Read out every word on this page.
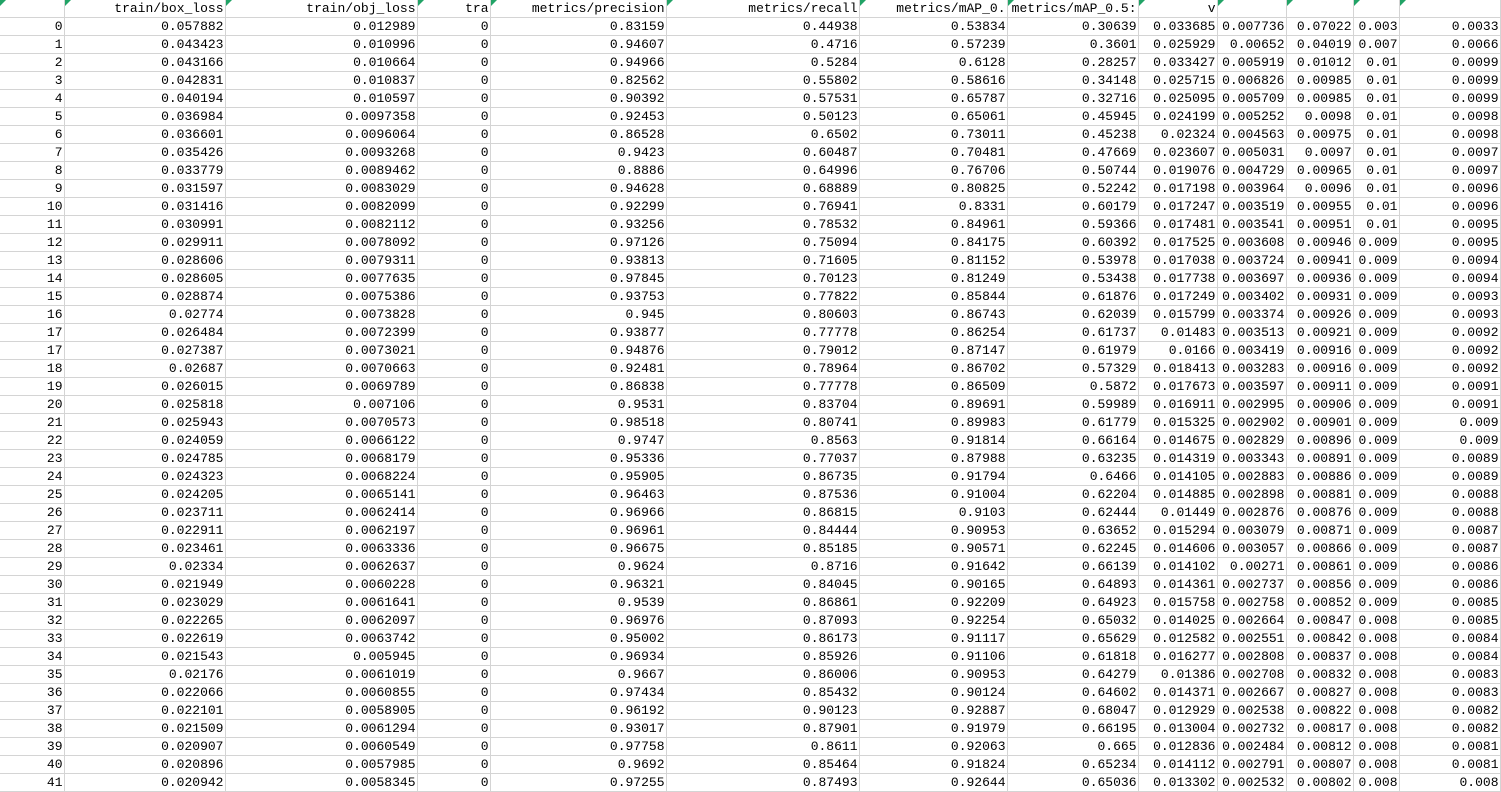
	train/box_loss	train/obj_loss	tra	metrics/precision	metrics/recall	metrics/mAP_0.	metrics/mAP_0.5:	v				
0	0.057882	0.012989	0	0.83159	0.44938	0.53834	0.30639	0.033685	0.007736	0.07022	0.003	0.0033
1	0.043423	0.010996	0	0.94607	0.4716	0.57239	0.3601	0.025929	0.00652	0.04019	0.007	0.0066
2	0.043166	0.010664	0	0.94966	0.5284	0.6128	0.28257	0.033427	0.005919	0.01012	0.01	0.0099
3	0.042831	0.010837	0	0.82562	0.55802	0.58616	0.34148	0.025715	0.006826	0.00985	0.01	0.0099
4	0.040194	0.010597	0	0.90392	0.57531	0.65787	0.32716	0.025095	0.005709	0.00985	0.01	0.0099
5	0.036984	0.0097358	0	0.92453	0.50123	0.65061	0.45945	0.024199	0.005252	0.0098	0.01	0.0098
6	0.036601	0.0096064	0	0.86528	0.6502	0.73011	0.45238	0.02324	0.004563	0.00975	0.01	0.0098
7	0.035426	0.0093268	0	0.9423	0.60487	0.70481	0.47669	0.023607	0.005031	0.0097	0.01	0.0097
8	0.033779	0.0089462	0	0.8886	0.64996	0.76706	0.50744	0.019076	0.004729	0.00965	0.01	0.0097
9	0.031597	0.0083029	0	0.94628	0.68889	0.80825	0.52242	0.017198	0.003964	0.0096	0.01	0.0096
10	0.031416	0.0082099	0	0.92299	0.76941	0.8331	0.60179	0.017247	0.003519	0.00955	0.01	0.0096
11	0.030991	0.0082112	0	0.93256	0.78532	0.84961	0.59366	0.017481	0.003541	0.00951	0.01	0.0095
12	0.029911	0.0078092	0	0.97126	0.75094	0.84175	0.60392	0.017525	0.003608	0.00946	0.009	0.0095
13	0.028606	0.0079311	0	0.93813	0.71605	0.81152	0.53978	0.017038	0.003724	0.00941	0.009	0.0094
14	0.028605	0.0077635	0	0.97845	0.70123	0.81249	0.53438	0.017738	0.003697	0.00936	0.009	0.0094
15	0.028874	0.0075386	0	0.93753	0.77822	0.85844	0.61876	0.017249	0.003402	0.00931	0.009	0.0093
16	0.02774	0.0073828	0	0.945	0.80603	0.86743	0.62039	0.015799	0.003374	0.00926	0.009	0.0093
17	0.026484	0.0072399	0	0.93877	0.77778	0.86254	0.61737	0.01483	0.003513	0.00921	0.009	0.0092
17	0.027387	0.0073021	0	0.94876	0.79012	0.87147	0.61979	0.0166	0.003419	0.00916	0.009	0.0092
18	0.02687	0.0070663	0	0.92481	0.78964	0.86702	0.57329	0.018413	0.003283	0.00916	0.009	0.0092
19	0.026015	0.0069789	0	0.86838	0.77778	0.86509	0.5872	0.017673	0.003597	0.00911	0.009	0.0091
20	0.025818	0.007106	0	0.9531	0.83704	0.89691	0.59989	0.016911	0.002995	0.00906	0.009	0.0091
21	0.025943	0.0070573	0	0.98518	0.80741	0.89983	0.61779	0.015325	0.002902	0.00901	0.009	0.009
22	0.024059	0.0066122	0	0.9747	0.8563	0.91814	0.66164	0.014675	0.002829	0.00896	0.009	0.009
23	0.024785	0.0068179	0	0.95336	0.77037	0.87988	0.63235	0.014319	0.003343	0.00891	0.009	0.0089
24	0.024323	0.0068224	0	0.95905	0.86735	0.91794	0.6466	0.014105	0.002883	0.00886	0.009	0.0089
25	0.024205	0.0065141	0	0.96463	0.87536	0.91004	0.62204	0.014885	0.002898	0.00881	0.009	0.0088
26	0.023711	0.0062414	0	0.96966	0.86815	0.9103	0.62444	0.01449	0.002876	0.00876	0.009	0.0088
27	0.022911	0.0062197	0	0.96961	0.84444	0.90953	0.63652	0.015294	0.003079	0.00871	0.009	0.0087
28	0.023461	0.0063336	0	0.96675	0.85185	0.90571	0.62245	0.014606	0.003057	0.00866	0.009	0.0087
29	0.02334	0.0062637	0	0.9624	0.8716	0.91642	0.66139	0.014102	0.00271	0.00861	0.009	0.0086
30	0.021949	0.0060228	0	0.96321	0.84045	0.90165	0.64893	0.014361	0.002737	0.00856	0.009	0.0086
31	0.023029	0.0061641	0	0.9539	0.86861	0.92209	0.64923	0.015758	0.002758	0.00852	0.009	0.0085
32	0.022265	0.0062097	0	0.96976	0.87093	0.92254	0.65032	0.014025	0.002664	0.00847	0.008	0.0085
33	0.022619	0.0063742	0	0.95002	0.86173	0.91117	0.65629	0.012582	0.002551	0.00842	0.008	0.0084
34	0.021543	0.005945	0	0.96934	0.85926	0.91106	0.61818	0.016277	0.002808	0.00837	0.008	0.0084
35	0.02176	0.0061019	0	0.9667	0.86006	0.90953	0.64279	0.01386	0.002708	0.00832	0.008	0.0083
36	0.022066	0.0060855	0	0.97434	0.85432	0.90124	0.64602	0.014371	0.002667	0.00827	0.008	0.0083
37	0.022101	0.0058905	0	0.96192	0.90123	0.92887	0.68047	0.012929	0.002538	0.00822	0.008	0.0082
38	0.021509	0.0061294	0	0.93017	0.87901	0.91979	0.66195	0.013004	0.002732	0.00817	0.008	0.0082
39	0.020907	0.0060549	0	0.97758	0.8611	0.92063	0.665	0.012836	0.002484	0.00812	0.008	0.0081
40	0.020896	0.0057985	0	0.9692	0.85464	0.91824	0.65234	0.014112	0.002791	0.00807	0.008	0.0081
41	0.020942	0.0058345	0	0.97255	0.87493	0.92644	0.65036	0.013302	0.002532	0.00802	0.008	0.008
